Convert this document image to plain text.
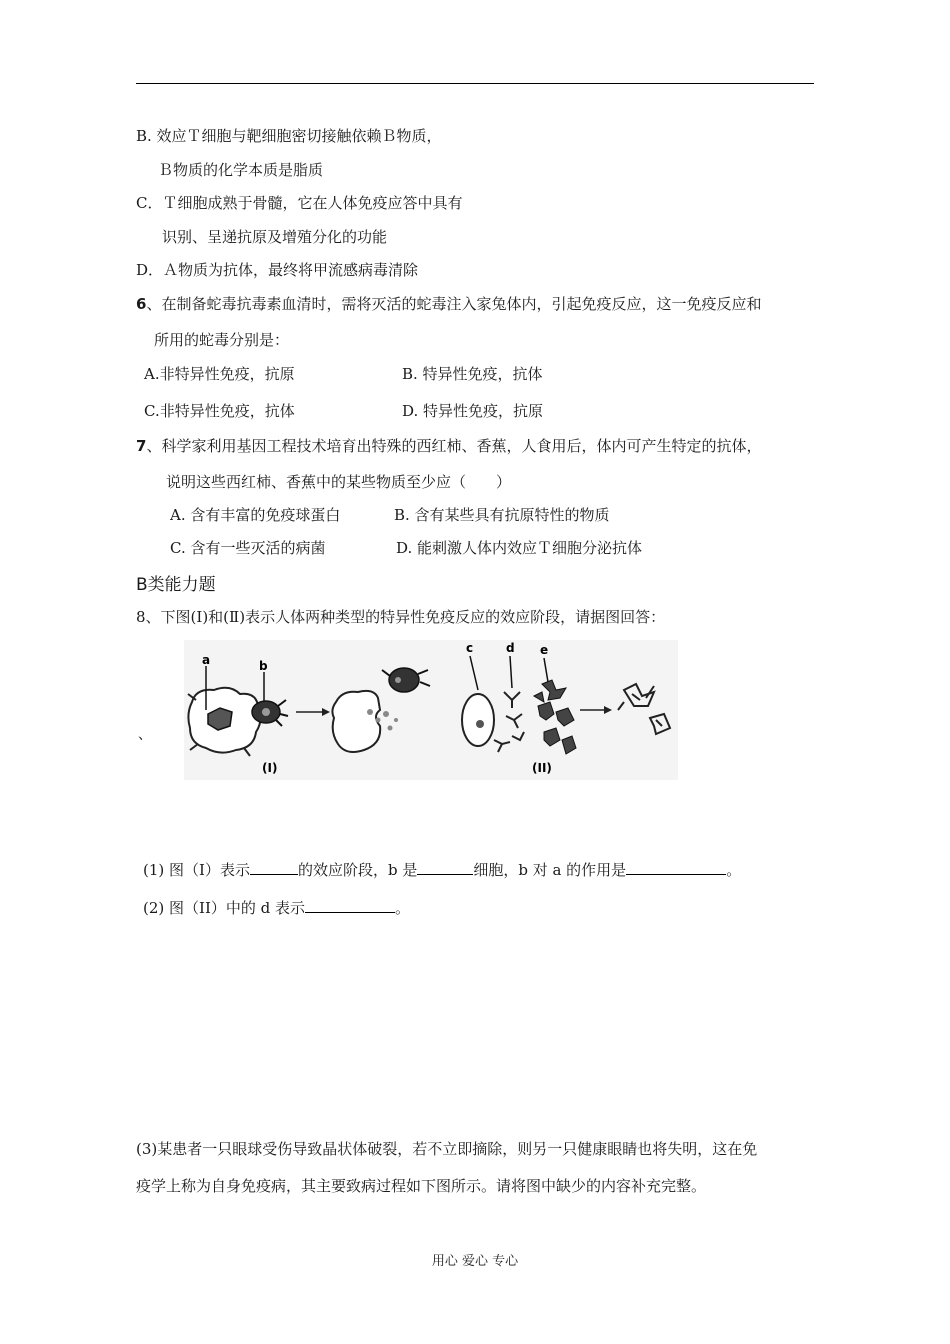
B. 效应Ｔ细胞与靶细胞密切接触依赖Ｂ物质，
Ｂ物质的化学本质是脂质
C．Ｔ细胞成熟于骨髓，它在人体免疫应答中具有
识别、呈递抗原及增殖分化的功能
D．Ａ物质为抗体，最终将甲流感病毒清除
6、在制备蛇毒抗毒素血清时，需将灭活的蛇毒注入家兔体内，引起免疫反应，这一免疫反应和
所用的蛇毒分别是：
A.非特异性免疫，抗原	B. 特异性免疫，抗体
C.非特异性免疫，抗体	D. 特异性免疫，抗原
7、科学家利用基因工程技术培育出特殊的西红柿、香蕉，人食用后，体内可产生特定的抗体，
说明这些西红柿、香蕉中的某些物质至少应（　　）
A. 含有丰富的免疫球蛋白	B. 含有某些具有抗原特性的物质
C. 含有一些灭活的病菌	D. 能刺激人体内效应Ｔ细胞分泌抗体
B类能力题
8、下图(Ⅰ)和(Ⅱ)表示人体两种类型的特异性免疫反应的效应阶段，请据图回答：
、
a	b
(Ⅰ)
c	d e
(ⅠⅠ)
(1) 图（Ⅰ）表示	的效应阶段，b 是	细胞，b 对 a 的作用是	。
(2) 图（II）中的 d 表示	。
(3)某患者一只眼球受伤导致晶状体破裂，若不立即摘除，则另一只健康眼睛也将失明，这在免
疫学上称为自身免疫病，其主要致病过程如下图所示。请将图中缺少的内容补充完整。
用心 爱心 专心
